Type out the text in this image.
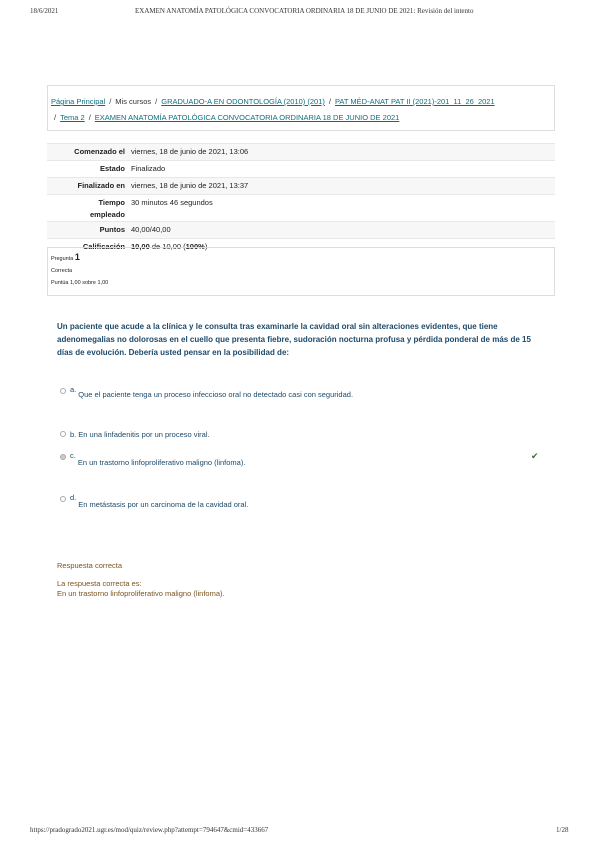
18/6/2021	EXAMEN ANATOMÍA PATOLÓGICA CONVOCATORIA ORDINARIA 18 DE JUNIO DE 2021: Revisión del intento
Página Principal / Mis cursos / GRADUADO-A EN ODONTOLOGÍA (2010) (201) / PAT MÉD-ANAT PAT II (2021)-201_11_26_2021
/ Tema 2 / EXAMEN ANATOMÍA PATOLÓGICA CONVOCATORIA ORDINARIA 18 DE JUNIO DE 2021
Comenzado el viernes, 18 de junio de 2021, 13:06
Estado Finalizado
Finalizado en viernes, 18 de junio de 2021, 13:37
Tiempo
empleado
30 minutos 46 segundos
Puntos 40,00/40,00
Calificación 10,00 de 10,00 (100%)
Pregunta 1
Correcta
Puntúa 1,00 sobre 1,00
Un paciente que acude a la clínica y le consulta tras examinarle la cavidad oral sin alteraciones evidentes, que tiene adenomegalias no dolorosas en el cuello que presenta fiebre, sudoración nocturna profusa y pérdida ponderal de más de 15 días de evolución. Debería usted pensar en la posibilidad de:
a.
Que el paciente tenga un proceso infeccioso oral no detectado casi con seguridad.
b. En una linfadenitis por un proceso viral.
c.
En un trastorno linfoproliferativo maligno (linfoma).
✔
d.
En metástasis por un carcinoma de la cavidad oral.
Respuesta correcta
La respuesta correcta es:
En un trastorno linfoproliferativo maligno (linfoma).
https://pradogrado2021.ugr.es/mod/quiz/review.php?attempt=794647&cmid=433667	1/28
